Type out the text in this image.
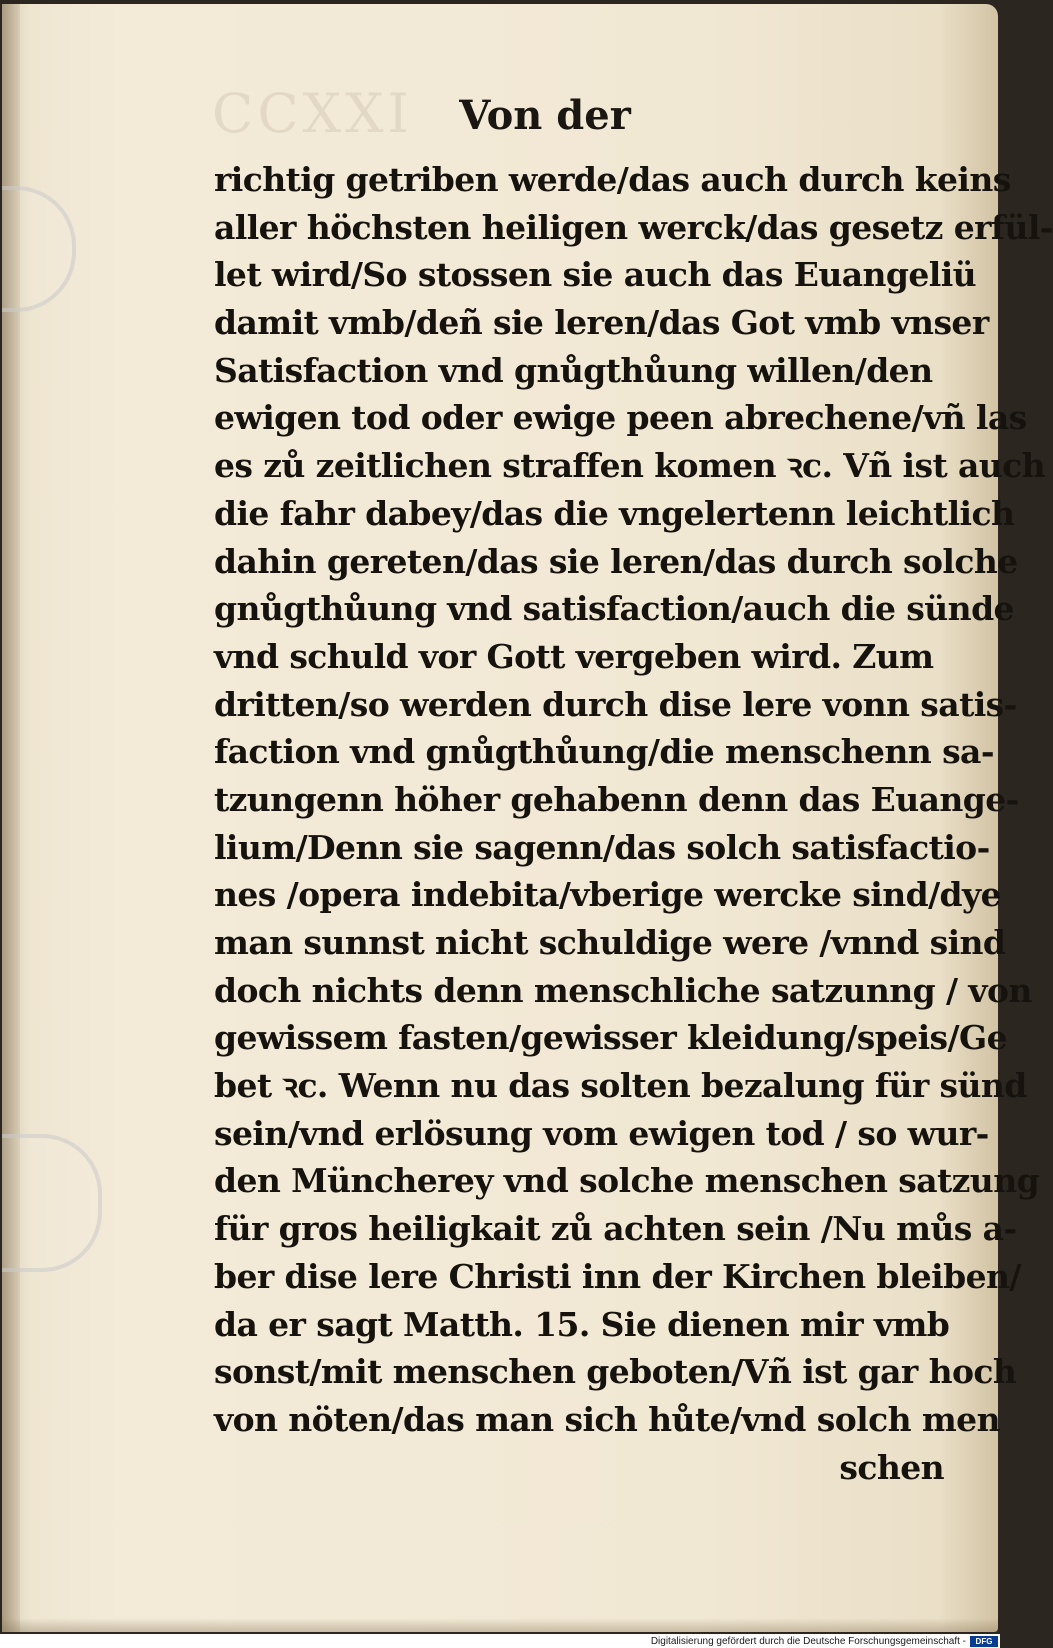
CCXXI	Von der
richtig getriben werde/das auch durch keins
aller höchsten heiligen werck/das gesetz erfül-
let wird/So stossen sie auch das Euangeliü
damit vmb/deñ sie leren/das Got vmb vnser
Satisfaction vnd gnůgthůung willen/den
ewigen tod oder ewige peen abrechene/vñ las
es zů zeitlichen straffen komen ꝛc. Vñ ist auch
die fahr dabey/das die vngelertenn leichtlich
dahin gereten/das sie leren/das durch solche
gnůgthůung vnd satisfaction/auch die sünde
vnd schuld vor Gott vergeben wird. Zum
dritten/so werden durch dise lere vonn satis-
faction vnd gnůgthůung/die menschenn sa-
tzungenn höher gehabenn denn das Euange-
lium/Denn sie sagenn/das solch satisfactio-
nes /opera indebita/vberige wercke sind/dye
man sunnst nicht schuldige were /vnnd sind
doch nichts denn menschliche satzunng / von
gewissem fasten/gewisser kleidung/speis/Ge
bet ꝛc. Wenn nu das solten bezalung für sünd
sein/vnd erlösung vom ewigen tod / so wur-
den Müncherey vnd solche menschen satzung
für gros heiligkait zů achten sein /Nu můs a-
ber dise lere Christi inn der Kirchen bleiben/
da er sagt Matth. 15. Sie dienen mir vmb
sonst/mit menschen geboten/Vñ ist gar hoch
von nöten/das man sich hůte/vnd solch men
schen
Digitalisierung gefördert durch die Deutsche Forschungsgemeinschaft -	DFG
